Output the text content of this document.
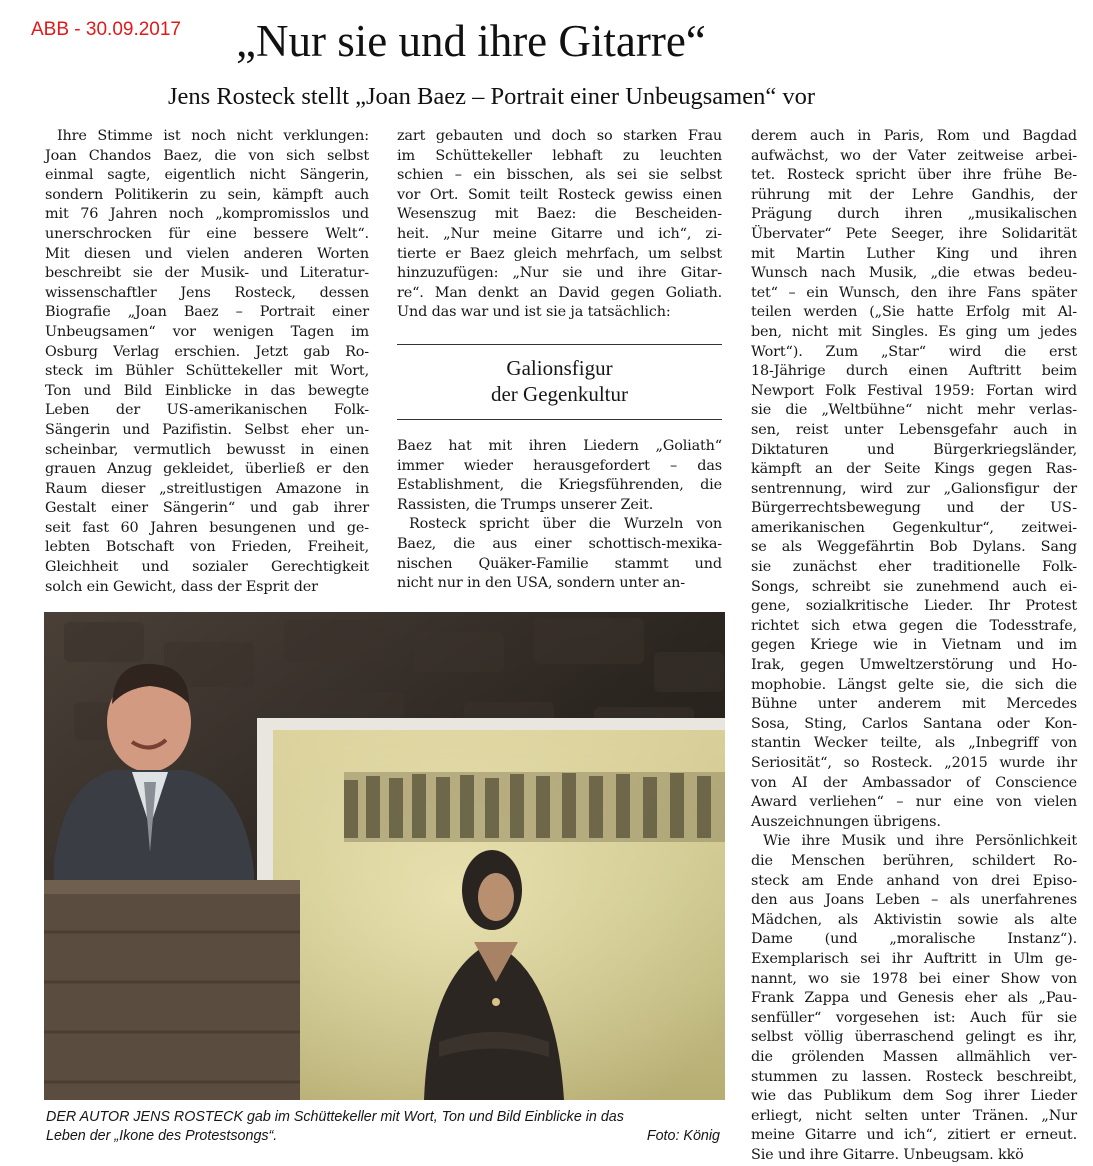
ABB - 30.09.2017 „Nur sie und ihre Gitarre“
Jens Rosteck stellt „Joan Baez – Portrait einer Unbeugsamen“ vor
Ihre Stimme ist noch nicht verklungen:
Joan Chandos Baez, die von sich selbst
einmal sagte, eigentlich nicht Sängerin,
sondern Politikerin zu sein, kämpft auch
mit 76 Jahren noch „kompromisslos und
unerschrocken für eine bessere Welt“.
Mit diesen und vielen anderen Worten
beschreibt sie der Musik- und Literatur-
wissenschaftler Jens Rosteck, dessen
Biografie „Joan Baez – Portrait einer
Unbeugsamen“ vor wenigen Tagen im
Osburg Verlag erschien. Jetzt gab Ro-
steck im Bühler Schüttekeller mit Wort,
Ton und Bild Einblicke in das bewegte
Leben der US-amerikanischen Folk-
Sängerin und Pazifistin. Selbst eher un-
scheinbar, vermutlich bewusst in einen
grauen Anzug gekleidet, überließ er den
Raum dieser „streitlustigen Amazone in
Gestalt einer Sängerin“ und gab ihrer
seit fast 60 Jahren besungenen und ge-
lebten Botschaft von Frieden, Freiheit,
Gleichheit und sozialer Gerechtigkeit
solch ein Gewicht, dass der Esprit der
zart gebauten und doch so starken Frau
im Schüttekeller lebhaft zu leuchten
schien – ein bisschen, als sei sie selbst
vor Ort. Somit teilt Rosteck gewiss einen
Wesenszug mit Baez: die Bescheiden-
heit. „Nur meine Gitarre und ich“, zi-
tierte er Baez gleich mehrfach, um selbst
hinzuzufügen: „Nur sie und ihre Gitar-
re“. Man denkt an David gegen Goliath.
Und das war und ist sie ja tatsächlich:
Galionsfigur
der Gegenkultur
Baez hat mit ihren Liedern „Goliath“
immer wieder herausgefordert – das
Establishment, die Kriegsführenden, die
Rassisten, die Trumps unserer Zeit.
Rosteck spricht über die Wurzeln von
Baez, die aus einer schottisch-mexika-
nischen Quäker-Familie stammt und
nicht nur in den USA, sondern unter an-
derem auch in Paris, Rom und Bagdad
aufwächst, wo der Vater zeitweise arbei-
tet. Rosteck spricht über ihre frühe Be-
rührung mit der Lehre Gandhis, der
Prägung durch ihren „musikalischen
Übervater“ Pete Seeger, ihre Solidarität
mit Martin Luther King und ihren
Wunsch nach Musik, „die etwas bedeu-
tet“ – ein Wunsch, den ihre Fans später
teilen werden („Sie hatte Erfolg mit Al-
ben, nicht mit Singles. Es ging um jedes
Wort“). Zum „Star“ wird die erst
18-Jährige durch einen Auftritt beim
Newport Folk Festival 1959: Fortan wird
sie die „Weltbühne“ nicht mehr verlas-
sen, reist unter Lebensgefahr auch in
Diktaturen und Bürgerkriegsländer,
kämpft an der Seite Kings gegen Ras-
sentrennung, wird zur „Galionsfigur der
Bürgerrechtsbewegung und der US-
amerikanischen Gegenkultur“, zeitwei-
se als Weggefährtin Bob Dylans. Sang
sie zunächst eher traditionelle Folk-
Songs, schreibt sie zunehmend auch ei-
gene, sozialkritische Lieder. Ihr Protest
richtet sich etwa gegen die Todesstrafe,
gegen Kriege wie in Vietnam und im
Irak, gegen Umweltzerstörung und Ho-
mophobie. Längst gelte sie, die sich die
Bühne unter anderem mit Mercedes
Sosa, Sting, Carlos Santana oder Kon-
stantin Wecker teilte, als „Inbegriff von
Seriosität“, so Rosteck. „2015 wurde ihr
von AI der Ambassador of Conscience
Award verliehen“ – nur eine von vielen
Auszeichnungen übrigens.
Wie ihre Musik und ihre Persönlichkeit
die Menschen berühren, schildert Ro-
steck am Ende anhand von drei Episo-
den aus Joans Leben – als unerfahrenes
Mädchen, als Aktivistin sowie als alte
Dame (und „moralische Instanz“).
Exemplarisch sei ihr Auftritt in Ulm ge-
nannt, wo sie 1978 bei einer Show von
Frank Zappa und Genesis eher als „Pau-
senfüller“ vorgesehen ist: Auch für sie
selbst völlig überraschend gelingt es ihr,
die grölenden Massen allmählich ver-
stummen zu lassen. Rosteck beschreibt,
wie das Publikum dem Sog ihrer Lieder
erliegt, nicht selten unter Tränen. „Nur
meine Gitarre und ich“, zitiert er erneut.
Sie und ihre Gitarre. Unbeugsam. kkö
DER AUTOR JENS ROSTECK gab im Schüttekeller mit Wort, Ton und Bild Einblicke in das
Leben der „Ikone des Protestsongs“.	Foto: König
